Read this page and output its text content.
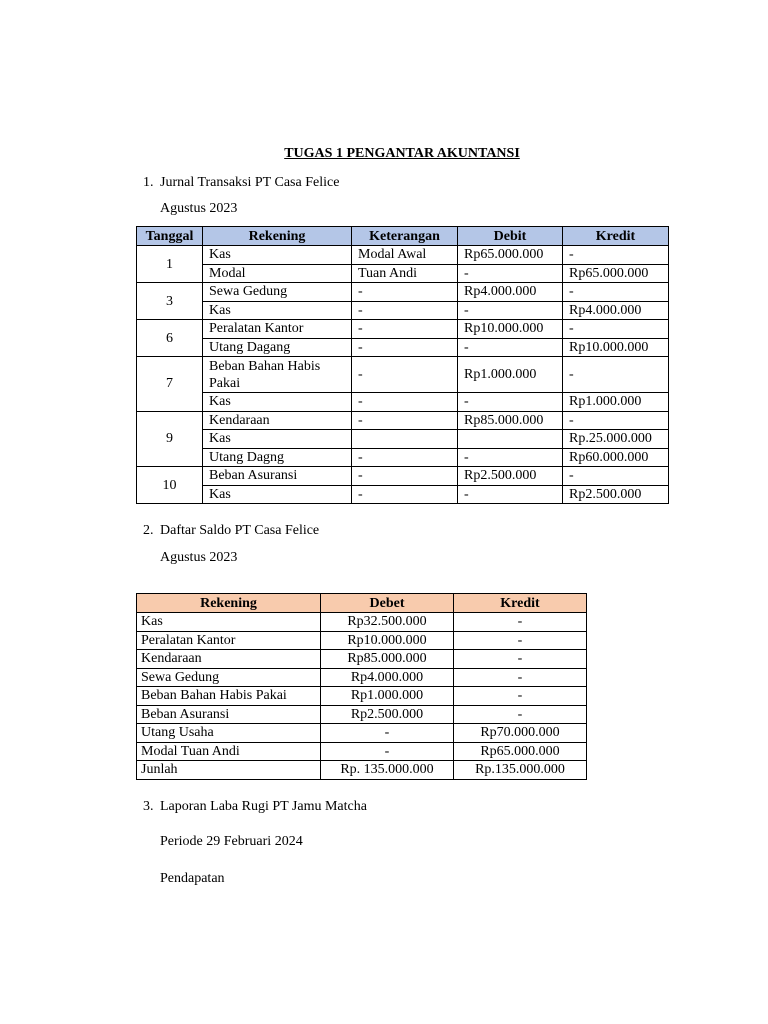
TUGAS 1 PENGANTAR AKUNTANSI
1. Jurnal Transaksi PT Casa Felice
Agustus 2023
Tanggal	Rekening	Keterangan	Debit	Kredit
1	Kas	Modal Awal	Rp65.000.000	-
	Modal	Tuan Andi	-	Rp65.000.000
3	Sewa Gedung	-	Rp4.000.000	-
	Kas	-	-	Rp4.000.000
6	Peralatan Kantor	-	Rp10.000.000	-
	Utang Dagang	-	-	Rp10.000.000
7	Beban Bahan Habis Pakai	-	Rp1.000.000	-
	Kas	-	-	Rp1.000.000
9	Kendaraan	-	Rp85.000.000	-
	Kas			Rp.25.000.000
	Utang Dagng	-	-	Rp60.000.000
10	Beban Asuransi	-	Rp2.500.000	-
	Kas	-	-	Rp2.500.000
2. Daftar Saldo PT Casa Felice
Agustus 2023
Rekening	Debet	Kredit
Kas	Rp32.500.000	-
Peralatan Kantor	Rp10.000.000	-
Kendaraan	Rp85.000.000	-
Sewa Gedung	Rp4.000.000	-
Beban Bahan Habis Pakai	Rp1.000.000	-
Beban Asuransi	Rp2.500.000	-
Utang Usaha	-	Rp70.000.000
Modal Tuan Andi	-	Rp65.000.000
Junlah	Rp. 135.000.000	Rp.135.000.000
3. Laporan Laba Rugi PT Jamu Matcha
Periode 29 Februari 2024
Pendapatan
